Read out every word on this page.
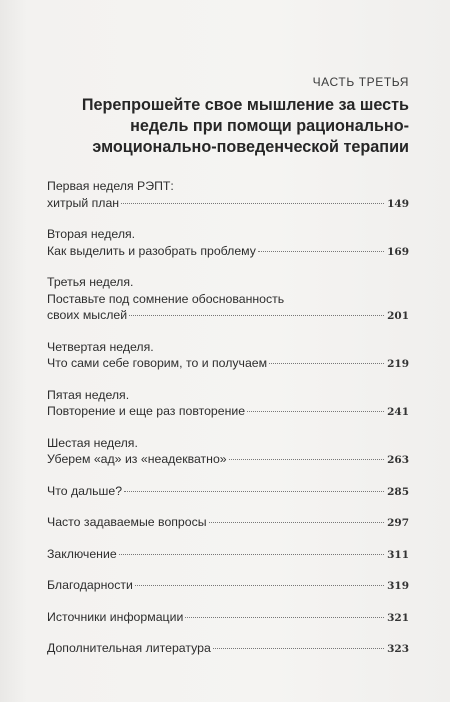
ЧАСТЬ ТРЕТЬЯ
Перепрошейте свое мышление за шесть
недель при помощи рационально-
эмоционально-поведенческой терапии
Первая неделя РЭПТ:
хитрый план	149
Вторая неделя.
Как выделить и разобрать проблему	169
Третья неделя.
Поставьте под сомнение обоснованность
своих мыслей	201
Четвертая неделя.
Что сами себе говорим, то и получаем	219
Пятая неделя.
Повторение и еще раз повторение	241
Шестая неделя.
Уберем «ад» из «неадекватно»	263
Что дальше?	285
Часто задаваемые вопросы	297
Заключение	311
Благодарности	319
Источники информации	321
Дополнительная литература	323
